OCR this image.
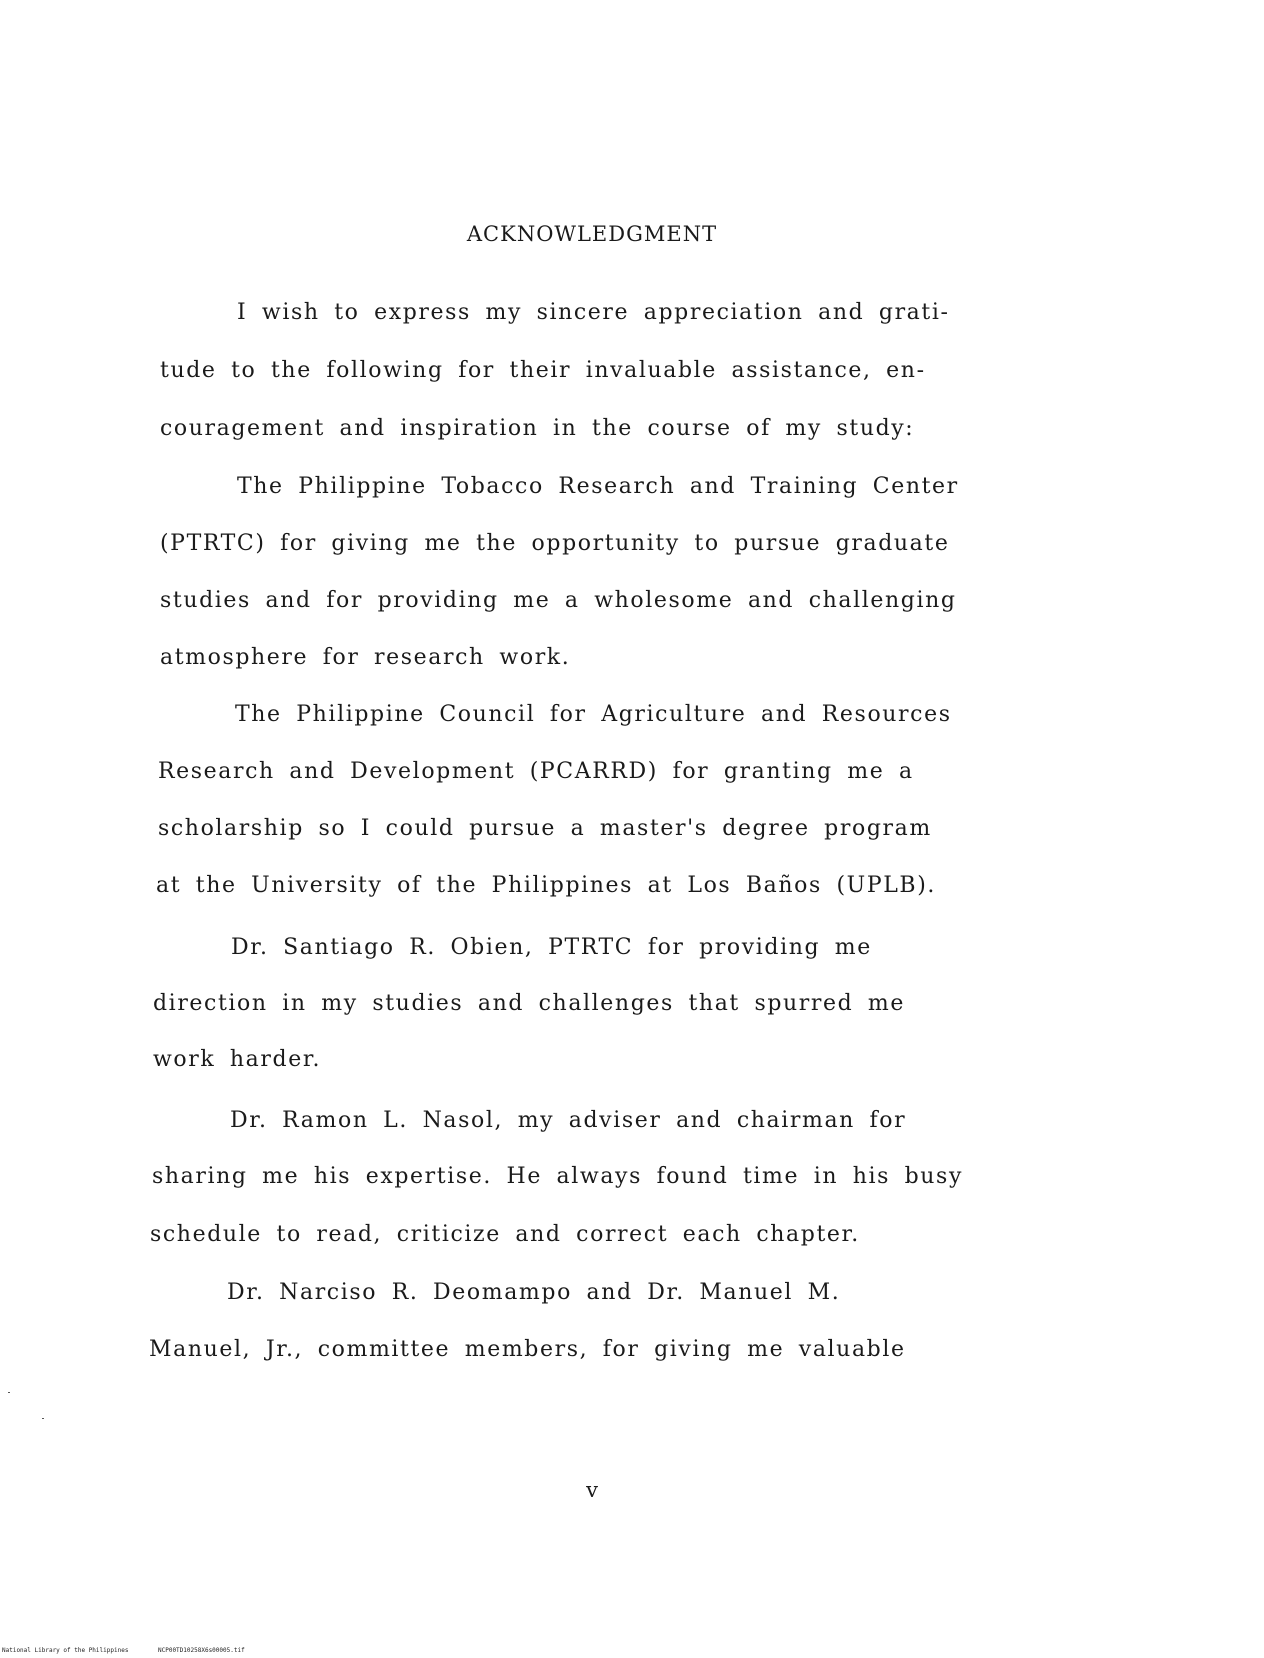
ACKNOWLEDGMENT
I wish to express my sincere appreciation and grati-
tude to the following for their invaluable assistance, en-
couragement and inspiration in the course of my study:
The Philippine Tobacco Research and Training Center
(PTRTC) for giving me the opportunity to pursue graduate
studies and for providing me a wholesome and challenging
atmosphere for research work.
The Philippine Council for Agriculture and Resources
Research and Development (PCARRD) for granting me a
scholarship so I could pursue a master's degree program
at the University of the Philippines at Los Baños (UPLB).
Dr. Santiago R. Obien, PTRTC for providing me
direction in my studies and challenges that spurred me
work harder.
Dr. Ramon L. Nasol, my adviser and chairman for
sharing me his expertise. He always found time in his busy
schedule to read, criticize and correct each chapter.
Dr. Narciso R. Deomampo and Dr. Manuel M.
Manuel, Jr., committee members, for giving me valuable
v
National Library of the Philippines	NCP00TD10258X6s00005.tif
